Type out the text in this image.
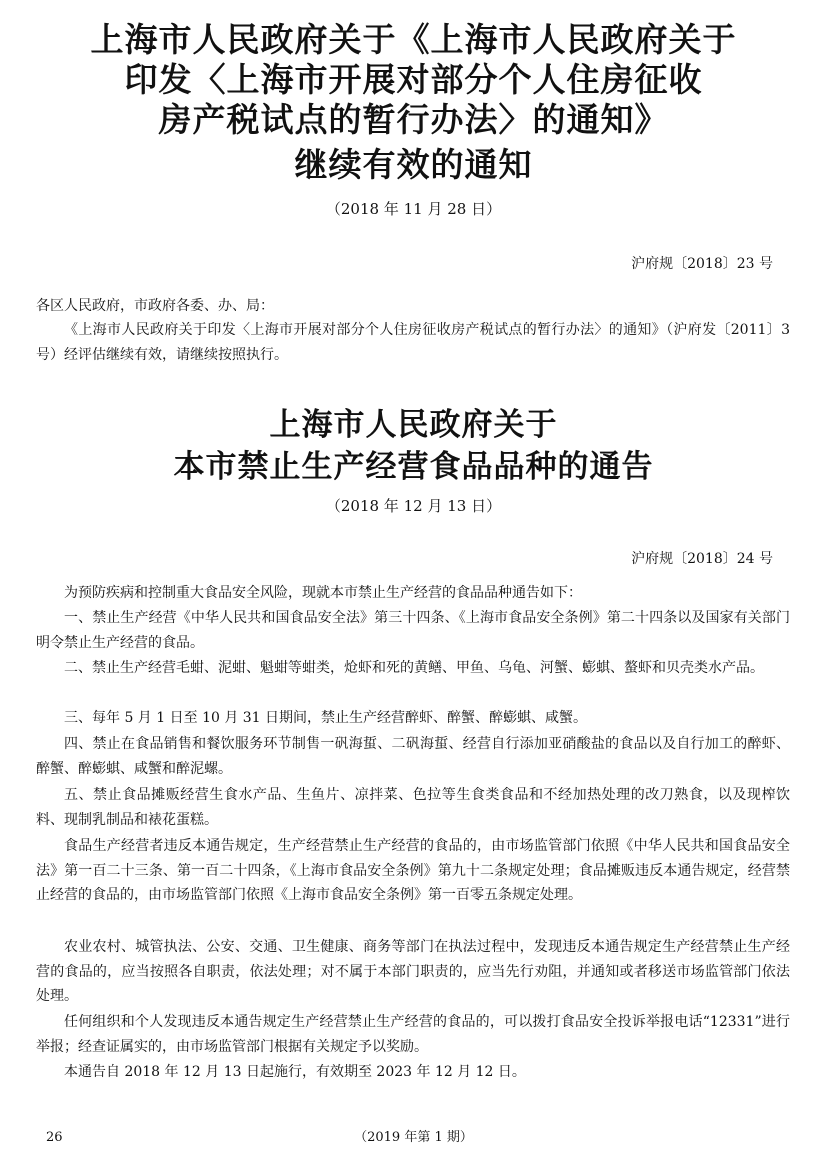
上海市人民政府关于《上海市人民政府关于
印发〈上海市开展对部分个人住房征收
房产税试点的暂行办法〉的通知》
继续有效的通知
（2018 年 11 月 28 日）
沪府规〔2018〕23 号
各区人民政府，市政府各委、办、局：
《上海市人民政府关于印发〈上海市开展对部分个人住房征收房产税试点的暂行办法〉的通知》（沪府发〔2011〕3 号）经评估继续有效，请继续按照执行。
上海市人民政府关于
本市禁止生产经营食品品种的通告
（2018 年 12 月 13 日）
沪府规〔2018〕24 号
为预防疾病和控制重大食品安全风险，现就本市禁止生产经营的食品品种通告如下：
一、禁止生产经营《中华人民共和国食品安全法》第三十四条、《上海市食品安全条例》第二十四条以及国家有关部门明令禁止生产经营的食品。
二、禁止生产经营毛蚶、泥蚶、魁蚶等蚶类，炝虾和死的黄鳝、甲鱼、乌龟、河蟹、蟛蜞、螯虾和贝壳类水产品。
三、每年 5 月 1 日至 10 月 31 日期间，禁止生产经营醉虾、醉蟹、醉蟛蜞、咸蟹。
四、禁止在食品销售和餐饮服务环节制售一矾海蜇、二矾海蜇、经营自行添加亚硝酸盐的食品以及自行加工的醉虾、醉蟹、醉蟛蜞、咸蟹和醉泥螺。
五、禁止食品摊贩经营生食水产品、生鱼片、凉拌菜、色拉等生食类食品和不经加热处理的改刀熟食，以及现榨饮料、现制乳制品和裱花蛋糕。
食品生产经营者违反本通告规定，生产经营禁止生产经营的食品的，由市场监管部门依照《中华人民共和国食品安全法》第一百二十三条、第一百二十四条，《上海市食品安全条例》第九十二条规定处理；食品摊贩违反本通告规定，经营禁止经营的食品的，由市场监管部门依照《上海市食品安全条例》第一百零五条规定处理。
农业农村、城管执法、公安、交通、卫生健康、商务等部门在执法过程中，发现违反本通告规定生产经营禁止生产经营的食品的，应当按照各自职责，依法处理；对不属于本部门职责的，应当先行劝阻，并通知或者移送市场监管部门依法处理。
任何组织和个人发现违反本通告规定生产经营禁止生产经营的食品的，可以拨打食品安全投诉举报电话“12331”进行举报；经查证属实的，由市场监管部门根据有关规定予以奖励。
本通告自 2018 年 12 月 13 日起施行，有效期至 2023 年 12 月 12 日。
26	（2019 年第 1 期）
